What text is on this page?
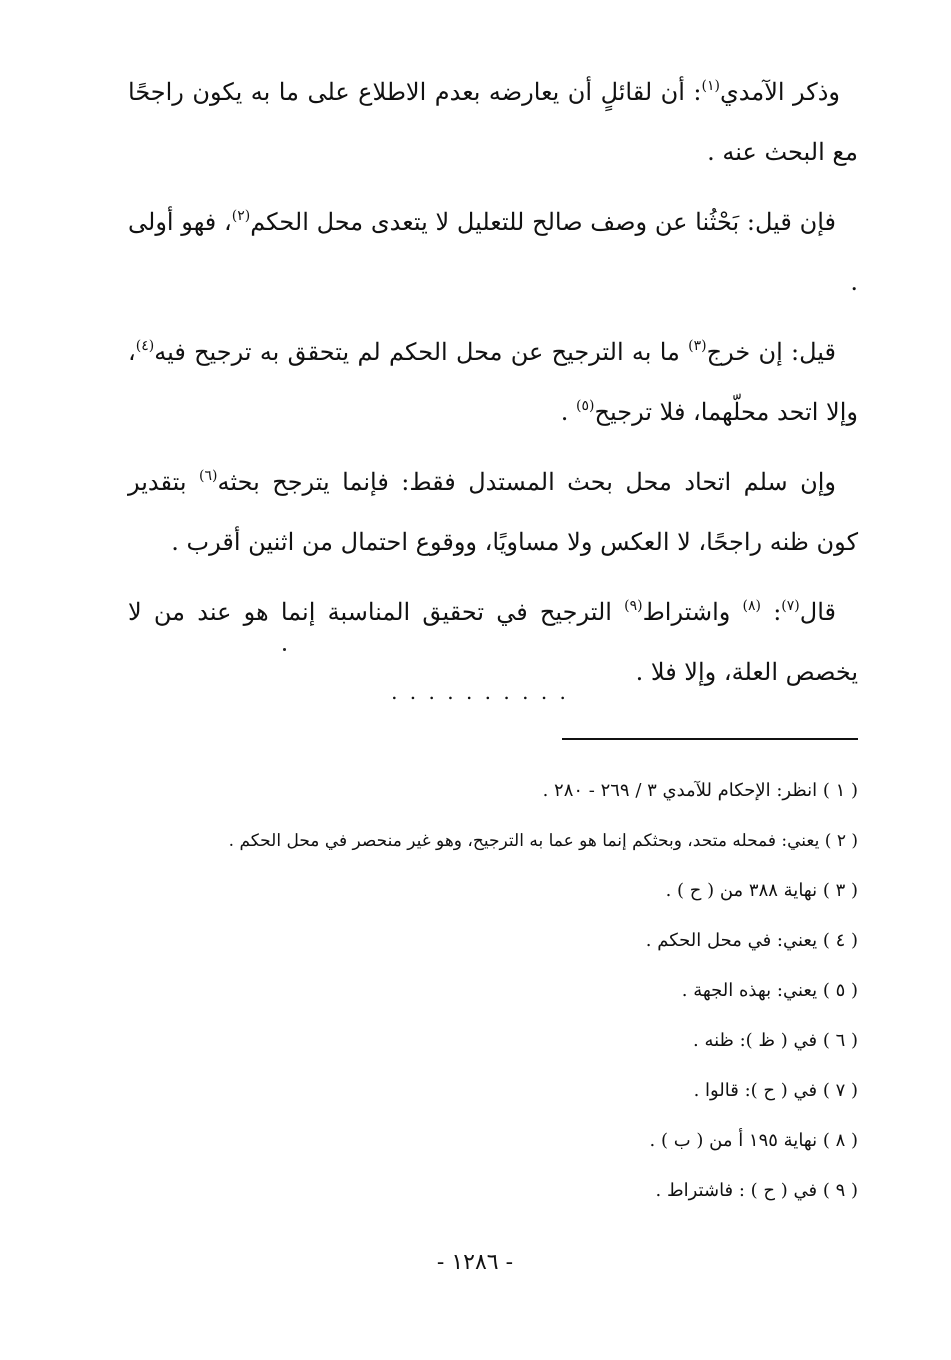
وذكر الآمدي$^{(١)}$: أن لقائلٍ أن يعارضه بعدم الاطلاع على ما به يكون راجحًا مع البحث عنه .

فإن قيل: بَحْثُنا عن وصف صالح للتعليل لا يتعدى محل الحكم$^{(٢)}$، فهو أولى .

قيل: إن خرج$^{(٣)}$ ما به الترجيح عن محل الحكم لم يتحقق به ترجيح فيه$^{(٤)}$، وإلا اتحد محلّهما، فلا ترجيح$^{(٥)}$ .

وإن سلم اتحاد محل بحث المستدل فقط: فإنما يترجح بحثه$^{(٦)}$ بتقدير كون ظنه راجحًا، لا العكس ولا مساويًا، ووقوع احتمال من اثنين أقرب .

قال$^{(٧)}$: $^{(٨)}$ واشتراط$^{(٩)}$ الترجيح في تحقيق المناسبة إنما هو عند من لا يخصص العلة، وإلا فلا .

. . . . . . . . . .
( ١ ) انظر: الإحكام للآمدي ٣ / ٢٦٩ - ٢٨٠ .
( ٢ ) يعني: فمحله متحد، وبحثكم إنما هو عما به الترجيح، وهو غير منحصر في محل الحكم .
( ٣ ) نهاية ٣٨٨ من ( ح ) .
( ٤ ) يعني: في محل الحكم .
( ٥ ) يعني: بهذه الجهة .
( ٦ ) في ( ظ ): ظنه .
( ٧ ) في ( ح ): قالوا .
( ٨ ) نهاية ١٩٥ أ من ( ب ) .
( ٩ ) في ( ح ) : فاشتراط .
- ١٢٨٦ -
